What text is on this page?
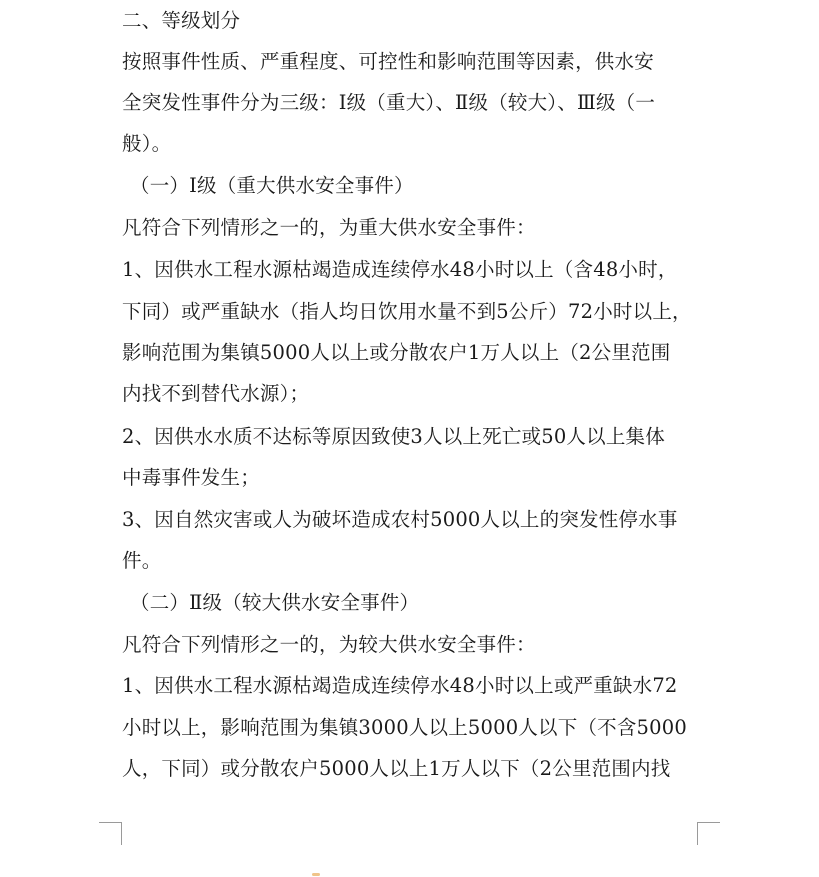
二、等级划分
按照事件性质、严重程度、可控性和影响范围等因素，供水安
全突发性事件分为三级：Ⅰ级（重大）、Ⅱ级（较大）、Ⅲ级（一
般）。
（一）Ⅰ级（重大供水安全事件）
凡符合下列情形之一的，为重大供水安全事件：
1、因供水工程水源枯竭造成连续停水48小时以上（含48小时，
下同）或严重缺水（指人均日饮用水量不到5公斤）72小时以上，
影响范围为集镇5000人以上或分散农户1万人以上（2公里范围
内找不到替代水源）；
2、因供水水质不达标等原因致使3人以上死亡或50人以上集体
中毒事件发生；
3、因自然灾害或人为破坏造成农村5000人以上的突发性停水事
件。
（二）Ⅱ级（较大供水安全事件）
凡符合下列情形之一的，为较大供水安全事件：
1、因供水工程水源枯竭造成连续停水48小时以上或严重缺水72
小时以上，影响范围为集镇3000人以上5000人以下（不含5000
人，下同）或分散农户5000人以上1万人以下（2公里范围内找
